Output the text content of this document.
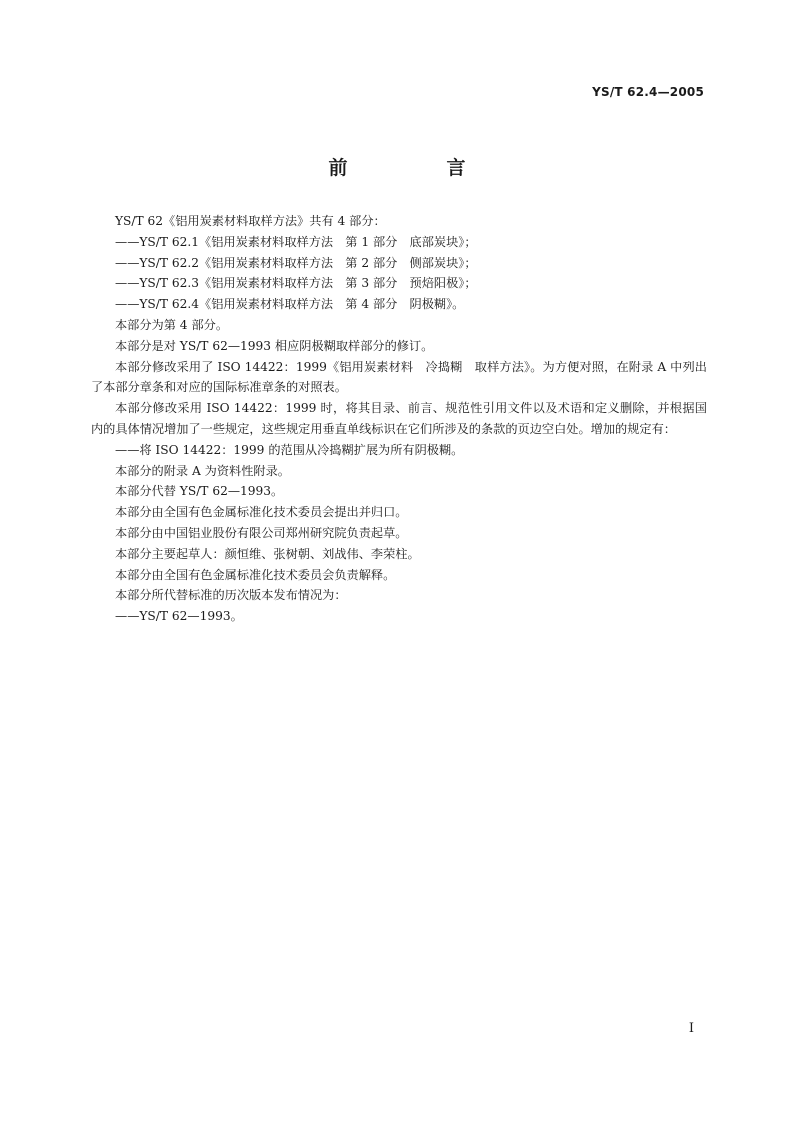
YS/T 62.4—2005
前　言

YS/T 62《铝用炭素材料取样方法》共有 4 部分：

——YS/T 62.1《铝用炭素材料取样方法　第 1 部分　底部炭块》；

——YS/T 62.2《铝用炭素材料取样方法　第 2 部分　侧部炭块》；

——YS/T 62.3《铝用炭素材料取样方法　第 3 部分　预焙阳极》；

——YS/T 62.4《铝用炭素材料取样方法　第 4 部分　阴极糊》。

本部分为第 4 部分。

本部分是对 YS/T 62—1993 相应阴极糊取样部分的修订。

本部分修改采用了 ISO 14422：1999《铝用炭素材料　冷捣糊　取样方法》。为方便对照，在附录 A 中列出了本部分章条和对应的国际标准章条的对照表。

本部分修改采用 ISO 14422：1999 时，将其目录、前言、规范性引用文件以及术语和定义删除，并根据国内的具体情况增加了一些规定，这些规定用垂直单线标识在它们所涉及的条款的页边空白处。增加的规定有：

——将 ISO 14422：1999 的范围从冷捣糊扩展为所有阴极糊。

本部分的附录 A 为资料性附录。

本部分代替 YS/T 62—1993。

本部分由全国有色金属标准化技术委员会提出并归口。

本部分由中国铝业股份有限公司郑州研究院负责起草。

本部分主要起草人：颜恒维、张树朝、刘战伟、李荣柱。

本部分由全国有色金属标准化技术委员会负责解释。

本部分所代替标准的历次版本发布情况为：

——YS/T 62—1993。

I
